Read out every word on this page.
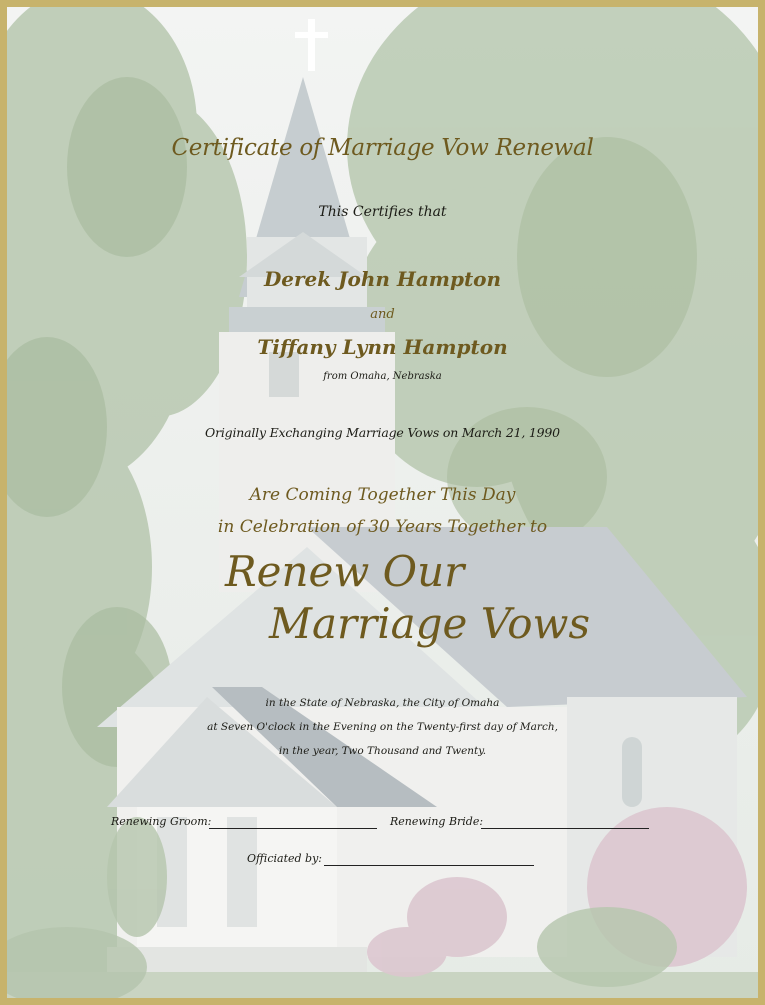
Certificate of Marriage Vow Renewal
This Certifies that
Derek John Hampton
and
Tiffany Lynn Hampton
from Omaha, Nebraska
Originally Exchanging Marriage Vows on March 21, 1990
Are Coming Together This Day
in Celebration of 30 Years Together to
Renew Our
Marriage Vows
in the State of Nebraska, the City of Omaha
at Seven O'clock in the Evening on the Twenty-first day of March,
in the year, Two Thousand and Twenty.
Renewing Groom:	Renewing Bride:
Officiated by:
